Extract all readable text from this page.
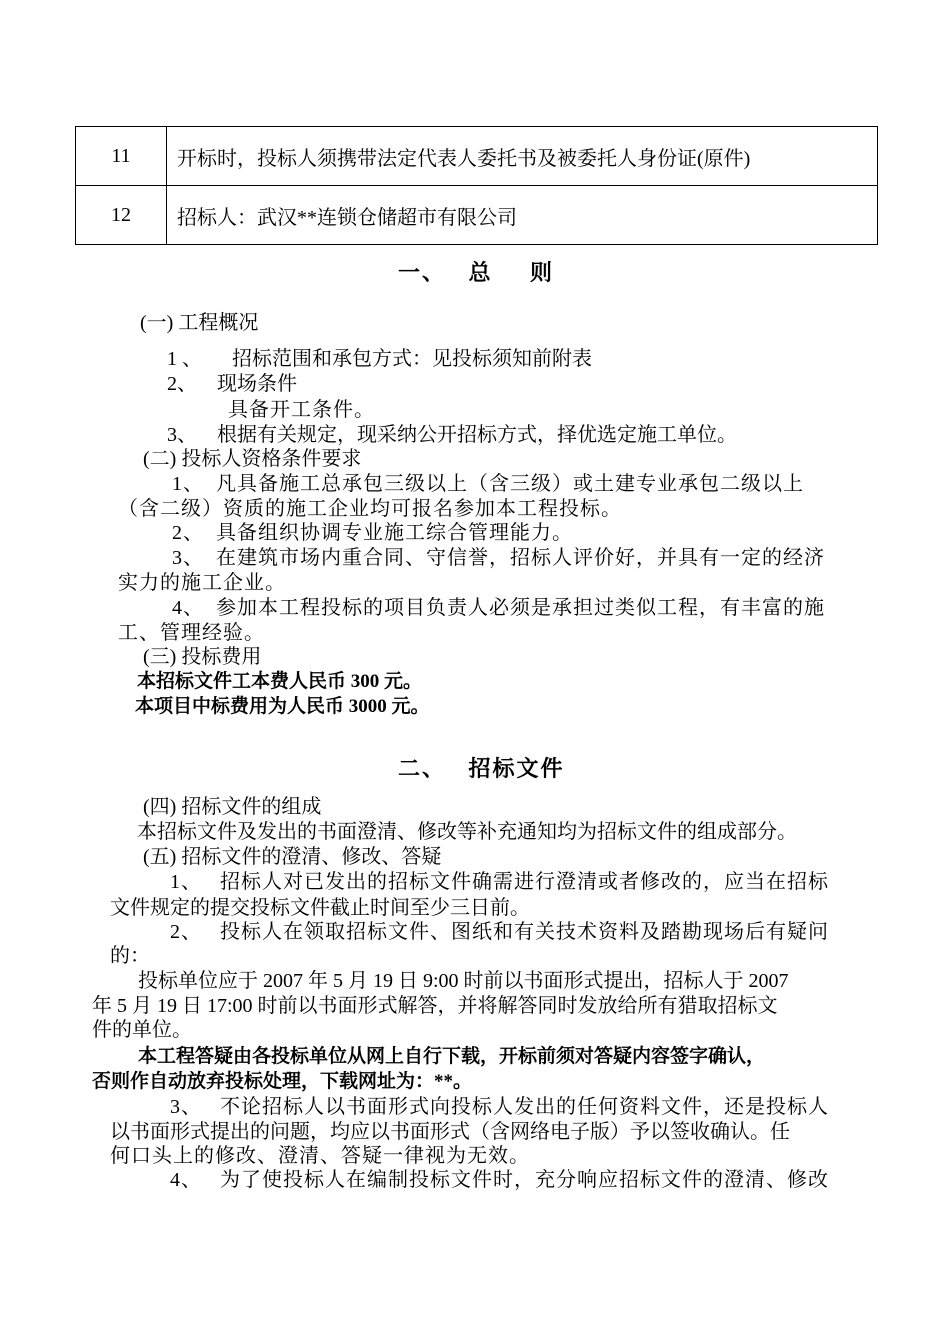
11	开标时，投标人须携带法定代表人委托书及被委托人身份证(原件)
12	招标人：武汉**连锁仓储超市有限公司
一、   总     则
(一) 工程概况
1 、      招标范围和承包方式：见投标须知前附表
2、    现场条件
具备开工条件。
3、    根据有关规定，现采纳公开招标方式，择优选定施工单位。
(二) 投标人资格条件要求
1、  凡具备施工总承包三级以上（含三级）或土建专业承包二级以上
（含二级）资质的施工企业均可报名参加本工程投标。
2、  具备组织协调专业施工综合管理能力。
3、  在建筑市场内重合同、守信誉，招标人评价好，并具有一定的经济
实力的施工企业。
4、  参加本工程投标的项目负责人必须是承担过类似工程，有丰富的施
工、管理经验。
(三) 投标费用
本招标文件工本费人民币 300 元。
本项目中标费用为人民币 3000 元。
二、   招标文件
(四) 招标文件的组成
本招标文件及发出的书面澄清、修改等补充通知均为招标文件的组成部分。
(五) 招标文件的澄清、修改、答疑
1、   招标人对已发出的招标文件确需进行澄清或者修改的，应当在招标
文件规定的提交投标文件截止时间至少三日前。
2、   投标人在领取招标文件、图纸和有关技术资料及踏勘现场后有疑问
的：
投标单位应于 2007 年 5 月 19 日 9:00 时前以书面形式提出，招标人于 2007
年 5 月 19 日 17:00 时前以书面形式解答，并将解答同时发放给所有猎取招标文
件的单位。
本工程答疑由各投标单位从网上自行下载，开标前须对答疑内容签字确认，
否则作自动放弃投标处理，下载网址为：**。
3、   不论招标人以书面形式向投标人发出的任何资料文件，还是投标人
以书面形式提出的问题，均应以书面形式（含网络电子版）予以签收确认。任
何口头上的修改、澄清、答疑一律视为无效。
4、   为了使投标人在编制投标文件时，充分响应招标文件的澄清、修改
